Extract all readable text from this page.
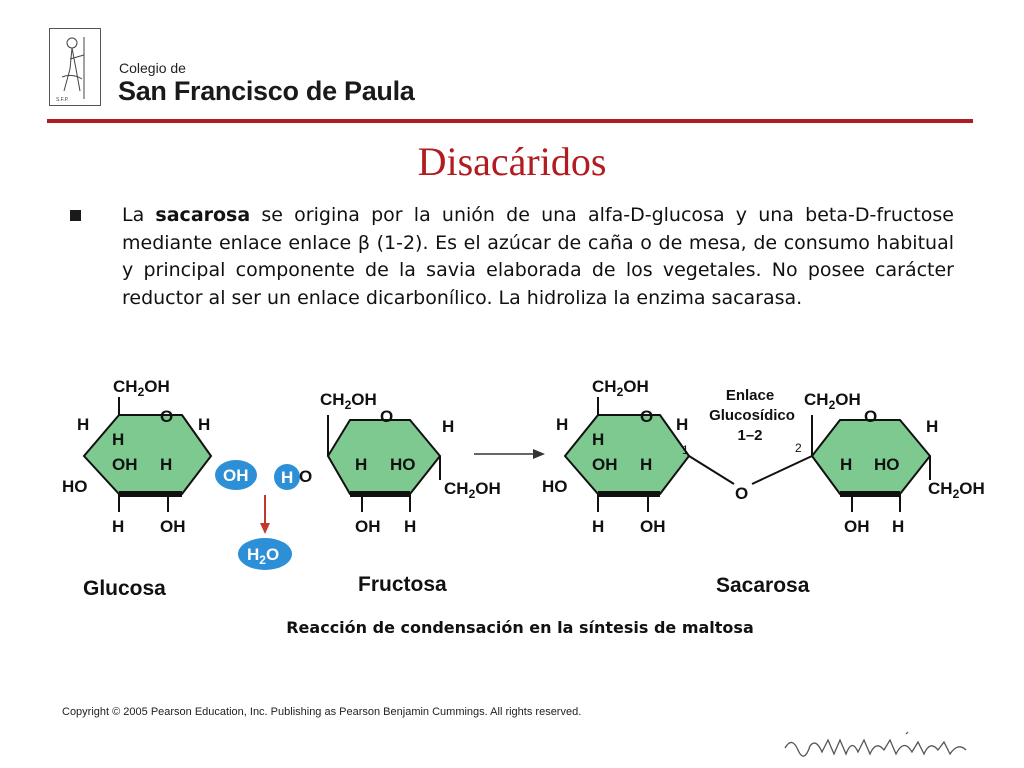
S.F.P.
Colegio de
San Francisco de Paula
Disacáridos
La sacarosa se origina por la unión de una alfa-D-glucosa y una beta-D-fructose mediante enlace enlace β (1-2). Es el azúcar de caña o de mesa, de consumo habitual y principal componente de la savia elaborada de los vegetales. No posee carácter reductor al ser un enlace dicarbonílico. La hidroliza la enzima sacarasa.
$CH_2OH$
O
H	H
H
OH H
HO
H OH
OH H O
$H_2O$
$CH_2OH$
O
H
H HO
$CH_2OH$
OH H
$CH_2OH$
O
H	H
H
OH H
HO
H OH
1
O
2
Enlace
Glucosídico
1–2
$CH_2OH$
O
H
H HO
$CH_2OH$
OH H
Glucosa	Fructosa	Sacarosa
Reacción de condensación en la síntesis de maltosa
Copyright © 2005 Pearson Education, Inc. Publishing as Pearson Benjamin Cummings. All rights reserved.
